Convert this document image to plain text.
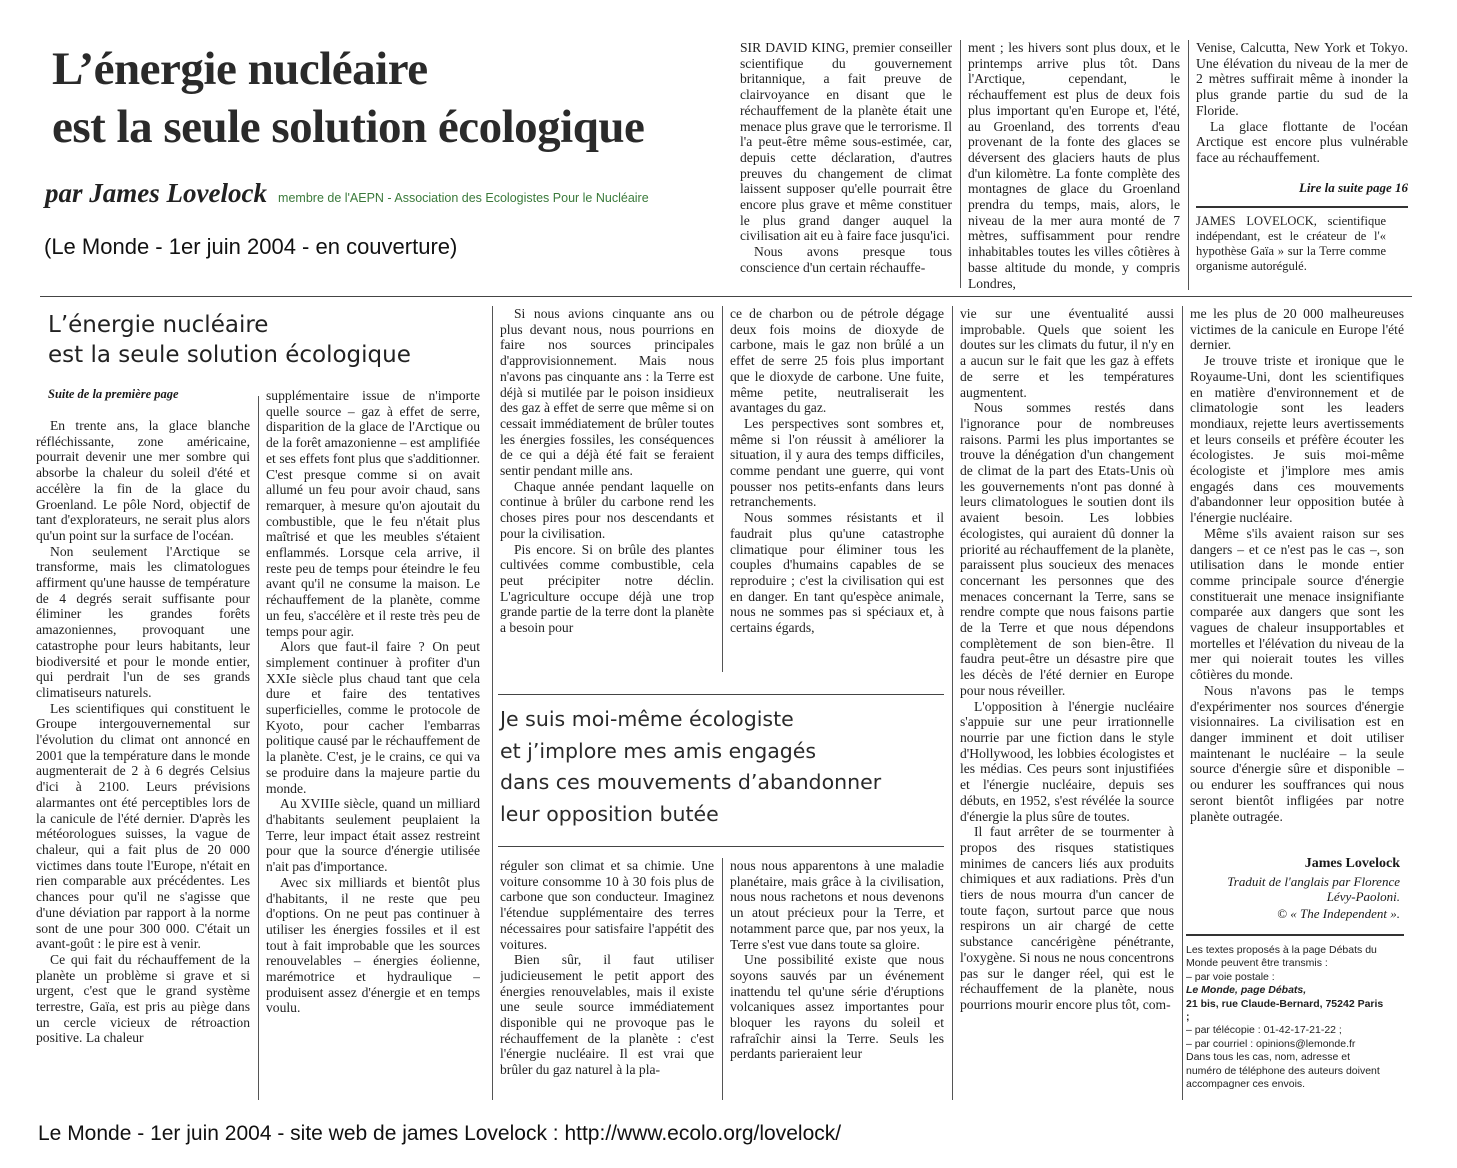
L’énergie nucléaire
est la seule solution écologique
par James Lovelock membre de l'AEPN - Association des Ecologistes Pour le Nucléaire
(Le Monde - 1er juin 2004 - en couverture)

SIR DAVID KING, premier conseiller scientifique du gouvernement britannique, a fait preuve de clairvoyance en disant que le réchauffement de la planète était une menace plus grave que le terrorisme. Il l'a peut-être même sous-estimée, car, depuis cette déclaration, d'autres preuves du changement de climat laissent supposer qu'elle pourrait être encore plus grave et même constituer le plus grand danger auquel la civilisation ait eu à faire face jusqu'ici.

Nous avons presque tous conscience d'un certain réchauffe-

ment ; les hivers sont plus doux, et le printemps arrive plus tôt. Dans l'Arctique, cependant, le réchauffement est plus de deux fois plus important qu'en Europe et, l'été, au Groenland, des torrents d'eau provenant de la fonte des glaces se déversent des glaciers hauts de plus d'un kilomètre. La fonte complète des montagnes de glace du Groenland prendra du temps, mais, alors, le niveau de la mer aura monté de 7 mètres, suffisamment pour rendre inhabitables toutes les villes côtières à basse altitude du monde, y compris Londres,

Venise, Calcutta, New York et Tokyo. Une élévation du niveau de la mer de 2 mètres suffirait même à inonder la plus grande partie du sud de la Floride.

La glace flottante de l'océan Arctique est encore plus vulnérable face au réchauffement.

Lire la suite page 16
JAMES LOVELOCK, scientifique indépendant, est le créateur de l'« hypothèse Gaïa » sur la Terre comme organisme autorégulé.
L’énergie nucléaire
est la seule solution écologique
Suite de la première page

En trente ans, la glace blanche réfléchissante, zone américaine, pourrait devenir une mer sombre qui absorbe la chaleur du soleil d'été et accélère la fin de la glace du Groenland. Le pôle Nord, objectif de tant d'explorateurs, ne serait plus alors qu'un point sur la surface de l'océan.

Non seulement l'Arctique se transforme, mais les climatologues affirment qu'une hausse de température de 4 degrés serait suffisante pour éliminer les grandes forêts amazoniennes, provoquant une catastrophe pour leurs habitants, leur biodiversité et pour le monde entier, qui perdrait l'un de ses grands climatiseurs naturels.

Les scientifiques qui constituent le Groupe intergouvernemental sur l'évolution du climat ont annoncé en 2001 que la température dans le monde augmenterait de 2 à 6 degrés Celsius d'ici à 2100. Leurs prévisions alarmantes ont été perceptibles lors de la canicule de l'été dernier. D'après les météorologues suisses, la vague de chaleur, qui a fait plus de 20 000 victimes dans toute l'Europe, n'était en rien comparable aux précédentes. Les chances pour qu'il ne s'agisse que d'une déviation par rapport à la norme sont de une pour 300 000. C'était un avant-goût : le pire est à venir.

Ce qui fait du réchauffement de la planète un problème si grave et si urgent, c'est que le grand système terrestre, Gaïa, est pris au piège dans un cercle vicieux de rétroaction positive. La chaleur

supplémentaire issue de n'importe quelle source – gaz à effet de serre, disparition de la glace de l'Arctique ou de la forêt amazonienne – est amplifiée et ses effets font plus que s'additionner. C'est presque comme si on avait allumé un feu pour avoir chaud, sans remarquer, à mesure qu'on ajoutait du combustible, que le feu n'était plus maîtrisé et que les meubles s'étaient enflammés. Lorsque cela arrive, il reste peu de temps pour éteindre le feu avant qu'il ne consume la maison. Le réchauffement de la planète, comme un feu, s'accélère et il reste très peu de temps pour agir.

Alors que faut-il faire ? On peut simplement continuer à profiter d'un XXIe siècle plus chaud tant que cela dure et faire des tentatives superficielles, comme le protocole de Kyoto, pour cacher l'embarras politique causé par le réchauffement de la planète. C'est, je le crains, ce qui va se produire dans la majeure partie du monde.

Au XVIIIe siècle, quand un milliard d'habitants seulement peuplaient la Terre, leur impact était assez restreint pour que la source d'énergie utilisée n'ait pas d'importance.

Avec six milliards et bientôt plus d'habitants, il ne reste que peu d'options. On ne peut pas continuer à utiliser les énergies fossiles et il est tout à fait improbable que les sources renouvelables – énergies éolienne, marémotrice et hydraulique – produisent assez d'énergie et en temps voulu.

Si nous avions cinquante ans ou plus devant nous, nous pourrions en faire nos sources principales d'approvisionnement. Mais nous n'avons pas cinquante ans : la Terre est déjà si mutilée par le poison insidieux des gaz à effet de serre que même si on cessait immédiatement de brûler toutes les énergies fossiles, les conséquences de ce qui a déjà été fait se feraient sentir pendant mille ans.

Chaque année pendant laquelle on continue à brûler du carbone rend les choses pires pour nos descendants et pour la civilisation.

Pis encore. Si on brûle des plantes cultivées comme combustible, cela peut précipiter notre déclin. L'agriculture occupe déjà une trop grande partie de la terre dont la planète a besoin pour

ce de charbon ou de pétrole dégage deux fois moins de dioxyde de carbone, mais le gaz non brûlé a un effet de serre 25 fois plus important que le dioxyde de carbone. Une fuite, même petite, neutraliserait les avantages du gaz.

Les perspectives sont sombres et, même si l'on réussit à améliorer la situation, il y aura des temps difficiles, comme pendant une guerre, qui vont pousser nos petits-enfants dans leurs retranchements.

Nous sommes résistants et il faudrait plus qu'une catastrophe climatique pour éliminer tous les couples d'humains capables de se reproduire ; c'est la civilisation qui est en danger. En tant qu'espèce animale, nous ne sommes pas si spéciaux et, à certains égards,

Je suis moi-même écologiste
et j’implore mes amis engagés
dans ces mouvements d’abandonner
leur opposition butée

réguler son climat et sa chimie. Une voiture consomme 10 à 30 fois plus de carbone que son conducteur. Imaginez l'étendue supplémentaire des terres nécessaires pour satisfaire l'appétit des voitures.

Bien sûr, il faut utiliser judicieusement le petit apport des énergies renouvelables, mais il existe une seule source immédiatement disponible qui ne provoque pas le réchauffement de la planète : c'est l'énergie nucléaire. Il est vrai que brûler du gaz naturel à la pla-

nous nous apparentons à une maladie planétaire, mais grâce à la civilisation, nous nous rachetons et nous devenons un atout précieux pour la Terre, et notamment parce que, par nos yeux, la Terre s'est vue dans toute sa gloire.

Une possibilité existe que nous soyons sauvés par un événement inattendu tel qu'une série d'éruptions volcaniques assez importantes pour bloquer les rayons du soleil et rafraîchir ainsi la Terre. Seuls les perdants parieraient leur

vie sur une éventualité aussi improbable. Quels que soient les doutes sur les climats du futur, il n'y en a aucun sur le fait que les gaz à effets de serre et les températures augmentent.

Nous sommes restés dans l'ignorance pour de nombreuses raisons. Parmi les plus importantes se trouve la dénégation d'un changement de climat de la part des Etats-Unis où les gouvernements n'ont pas donné à leurs climatologues le soutien dont ils avaient besoin. Les lobbies écologistes, qui auraient dû donner la priorité au réchauffement de la planète, paraissent plus soucieux des menaces concernant les personnes que des menaces concernant la Terre, sans se rendre compte que nous faisons partie de la Terre et que nous dépendons complètement de son bien-être. Il faudra peut-être un désastre pire que les décès de l'été dernier en Europe pour nous réveiller.

L'opposition à l'énergie nucléaire s'appuie sur une peur irrationnelle nourrie par une fiction dans le style d'Hollywood, les lobbies écologistes et les médias. Ces peurs sont injustifiées et l'énergie nucléaire, depuis ses débuts, en 1952, s'est révélée la source d'énergie la plus sûre de toutes.

Il faut arrêter de se tourmenter à propos des risques statistiques minimes de cancers liés aux produits chimiques et aux radiations. Près d'un tiers de nous mourra d'un cancer de toute façon, surtout parce que nous respirons un air chargé de cette substance cancérigène pénétrante, l'oxygène. Si nous ne nous concentrons pas sur le danger réel, qui est le réchauffement de la planète, nous pourrions mourir encore plus tôt, com-

me les plus de 20 000 malheureuses victimes de la canicule en Europe l'été dernier.

Je trouve triste et ironique que le Royaume-Uni, dont les scientifiques en matière d'environnement et de climatologie sont les leaders mondiaux, rejette leurs avertissements et leurs conseils et préfère écouter les écologistes. Je suis moi-même écologiste et j'implore mes amis engagés dans ces mouvements d'abandonner leur opposition butée à l'énergie nucléaire.

Même s'ils avaient raison sur ses dangers – et ce n'est pas le cas –, son utilisation dans le monde entier comme principale source d'énergie constituerait une menace insignifiante comparée aux dangers que sont les vagues de chaleur insupportables et mortelles et l'élévation du niveau de la mer qui noierait toutes les villes côtières du monde.

Nous n'avons pas le temps d'expérimenter nos sources d'énergie visionnaires. La civilisation est en danger imminent et doit utiliser maintenant le nucléaire – la seule source d'énergie sûre et disponible – ou endurer les souffrances qui nous seront bientôt infligées par notre planète outragée.

James Lovelock
Traduit de l'anglais par Florence Lévy-Paoloni.
© « The Independent ».
Les textes proposés à la page Débats du Monde peuvent être transmis :
– par voie postale :
Le Monde, page Débats,
21 bis, rue Claude-Bernard, 75242 Paris ;
– par télécopie : 01-42-17-21-22 ;
– par courriel : opinions@lemonde.fr
Dans tous les cas, nom, adresse et numéro de téléphone des auteurs doivent accompagner ces envois.
Le Monde - 1er juin 2004 - site web de james Lovelock : http://www.ecolo.org/lovelock/
